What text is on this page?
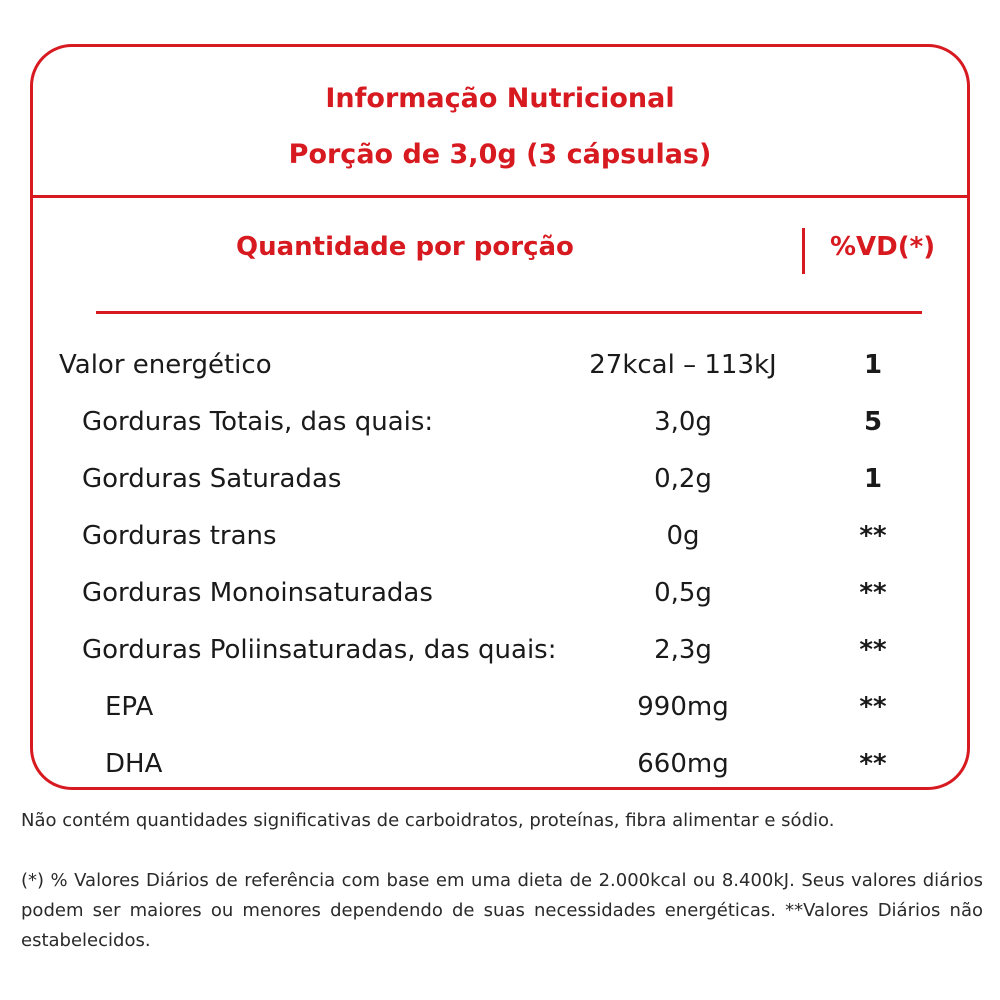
Informação Nutricional
Porção de 3,0g (3 cápsulas)
Quantidade por porção	%VD(*)
Valor energético	27kcal – 113kJ	1
Gorduras Totais, das quais:	3,0g	5
Gorduras Saturadas	0,2g	1
Gorduras trans	0g	**
Gorduras Monoinsaturadas	0,5g	**
Gorduras Poliinsaturadas, das quais:	2,3g	**
EPA	990mg	**
DHA	660mg	**
Não contém quantidades significativas de carboidratos, proteínas, fibra alimentar e sódio.
(*) % Valores Diários de referência com base em uma dieta de 2.000kcal ou 8.400kJ. Seus valores diários podem ser maiores ou menores dependendo de suas necessidades energéticas. **Valores Diários não estabelecidos.
